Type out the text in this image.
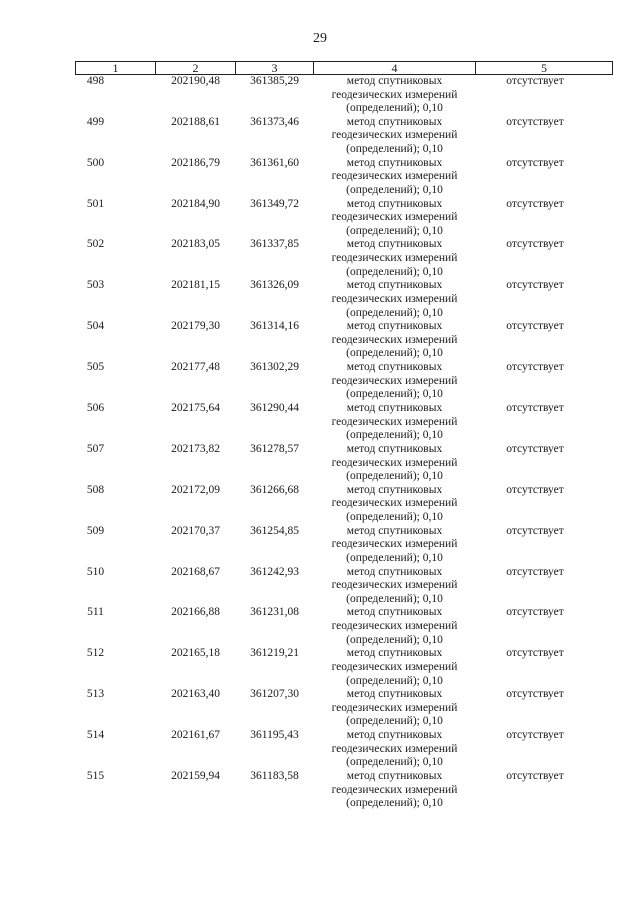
29
1	2	3	4	5
498	202190,48	361385,29	метод спутниковых
геодезических измерений
(определений); 0,10	отсутствует
499	202188,61	361373,46	метод спутниковых
геодезических измерений
(определений); 0,10	отсутствует
500	202186,79	361361,60	метод спутниковых
геодезических измерений
(определений); 0,10	отсутствует
501	202184,90	361349,72	метод спутниковых
геодезических измерений
(определений); 0,10	отсутствует
502	202183,05	361337,85	метод спутниковых
геодезических измерений
(определений); 0,10	отсутствует
503	202181,15	361326,09	метод спутниковых
геодезических измерений
(определений); 0,10	отсутствует
504	202179,30	361314,16	метод спутниковых
геодезических измерений
(определений); 0,10	отсутствует
505	202177,48	361302,29	метод спутниковых
геодезических измерений
(определений); 0,10	отсутствует
506	202175,64	361290,44	метод спутниковых
геодезических измерений
(определений); 0,10	отсутствует
507	202173,82	361278,57	метод спутниковых
геодезических измерений
(определений); 0,10	отсутствует
508	202172,09	361266,68	метод спутниковых
геодезических измерений
(определений); 0,10	отсутствует
509	202170,37	361254,85	метод спутниковых
геодезических измерений
(определений); 0,10	отсутствует
510	202168,67	361242,93	метод спутниковых
геодезических измерений
(определений); 0,10	отсутствует
511	202166,88	361231,08	метод спутниковых
геодезических измерений
(определений); 0,10	отсутствует
512	202165,18	361219,21	метод спутниковых
геодезических измерений
(определений); 0,10	отсутствует
513	202163,40	361207,30	метод спутниковых
геодезических измерений
(определений); 0,10	отсутствует
514	202161,67	361195,43	метод спутниковых
геодезических измерений
(определений); 0,10	отсутствует
515	202159,94	361183,58	метод спутниковых
геодезических измерений
(определений); 0,10	отсутствует
